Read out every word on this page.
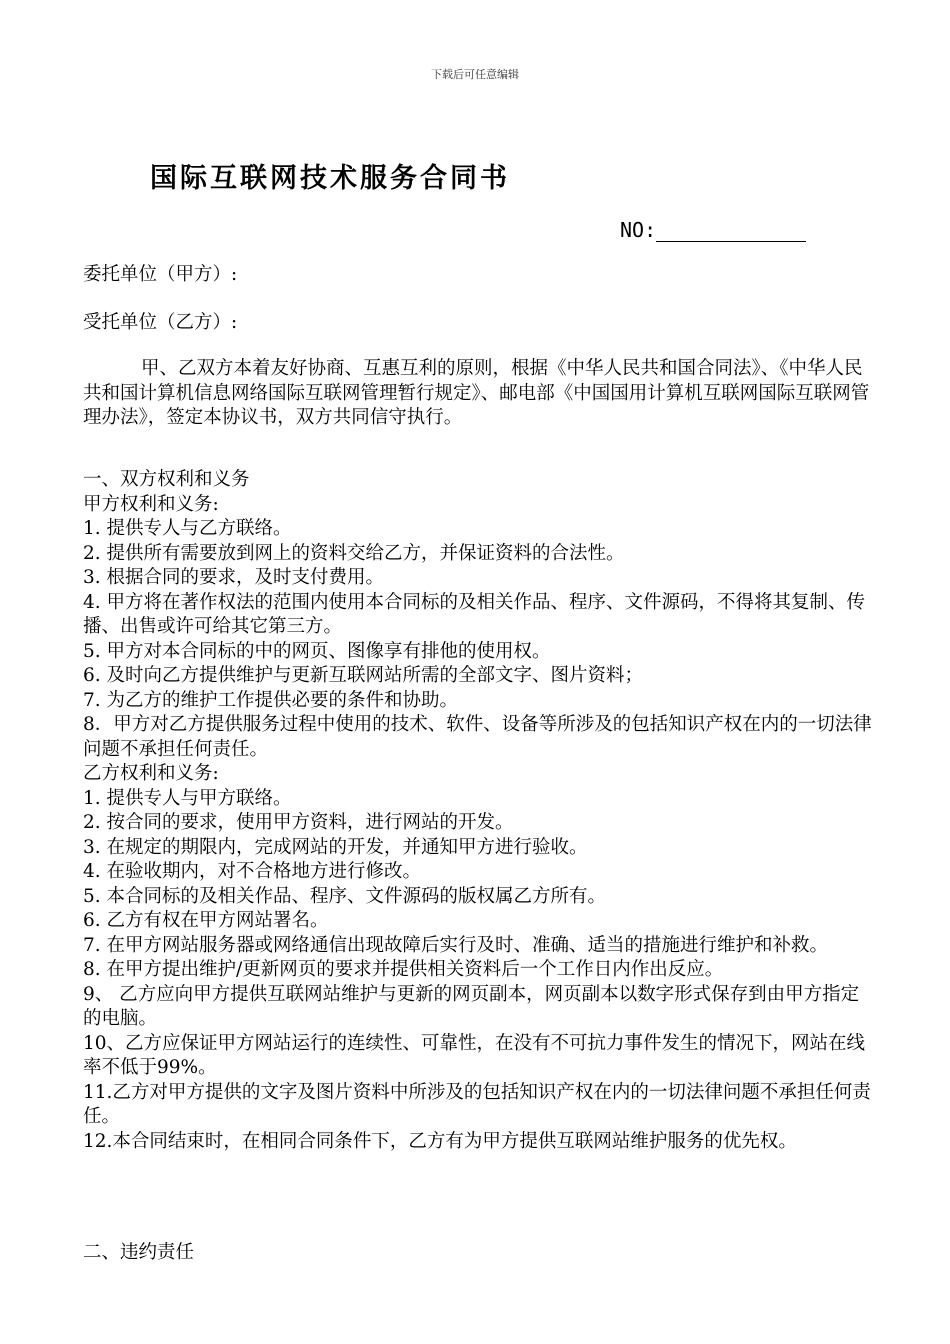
下载后可任意编辑
国际互联网技术服务合同书
NO:
委托单位（甲方）:
受托单位（乙方）:
甲、乙双方本着友好协商、互惠互利的原则，根据《中华人民共和国合同法》、《中华人民共和国计算机信息网络国际互联网管理暂行规定》、邮电部《中国国用计算机互联网国际互联网管理办法》，签定本协议书，双方共同信守执行。

一、双方权利和义务

甲方权利和义务:

1. 提供专人与乙方联络。

2. 提供所有需要放到网上的资料交给乙方，并保证资料的合法性。

3. 根据合同的要求，及时支付费用。

4. 甲方将在著作权法的范围内使用本合同标的及相关作品、程序、文件源码，不得将其复制、传播、出售或许可给其它第三方。

5. 甲方对本合同标的中的网页、图像享有排他的使用权。

6. 及时向乙方提供维护与更新互联网站所需的全部文字、图片资料；

7. 为乙方的维护工作提供必要的条件和协助。

8．甲方对乙方提供服务过程中使用的技术、软件、设备等所涉及的包括知识产权在内的一切法律问题不承担任何责任。

乙方权利和义务:

1. 提供专人与甲方联络。

2. 按合同的要求，使用甲方资料，进行网站的开发。

3. 在规定的期限内，完成网站的开发，并通知甲方进行验收。

4. 在验收期内，对不合格地方进行修改。

5. 本合同标的及相关作品、程序、文件源码的版权属乙方所有。

6. 乙方有权在甲方网站署名。

7. 在甲方网站服务器或网络通信出现故障后实行及时、准确、适当的措施进行维护和补救。

8. 在甲方提出维护/更新网页的要求并提供相关资料后一个工作日内作出反应。

9、 乙方应向甲方提供互联网站维护与更新的网页副本，网页副本以数字形式保存到由甲方指定的电脑。

10、乙方应保证甲方网站运行的连续性、可靠性，在没有不可抗力事件发生的情况下，网站在线率不低于99%。

11.乙方对甲方提供的文字及图片资料中所涉及的包括知识产权在内的一切法律问题不承担任何责任。

12.本合同结束时，在相同合同条件下，乙方有为甲方提供互联网站维护服务的优先权。

二、违约责任
